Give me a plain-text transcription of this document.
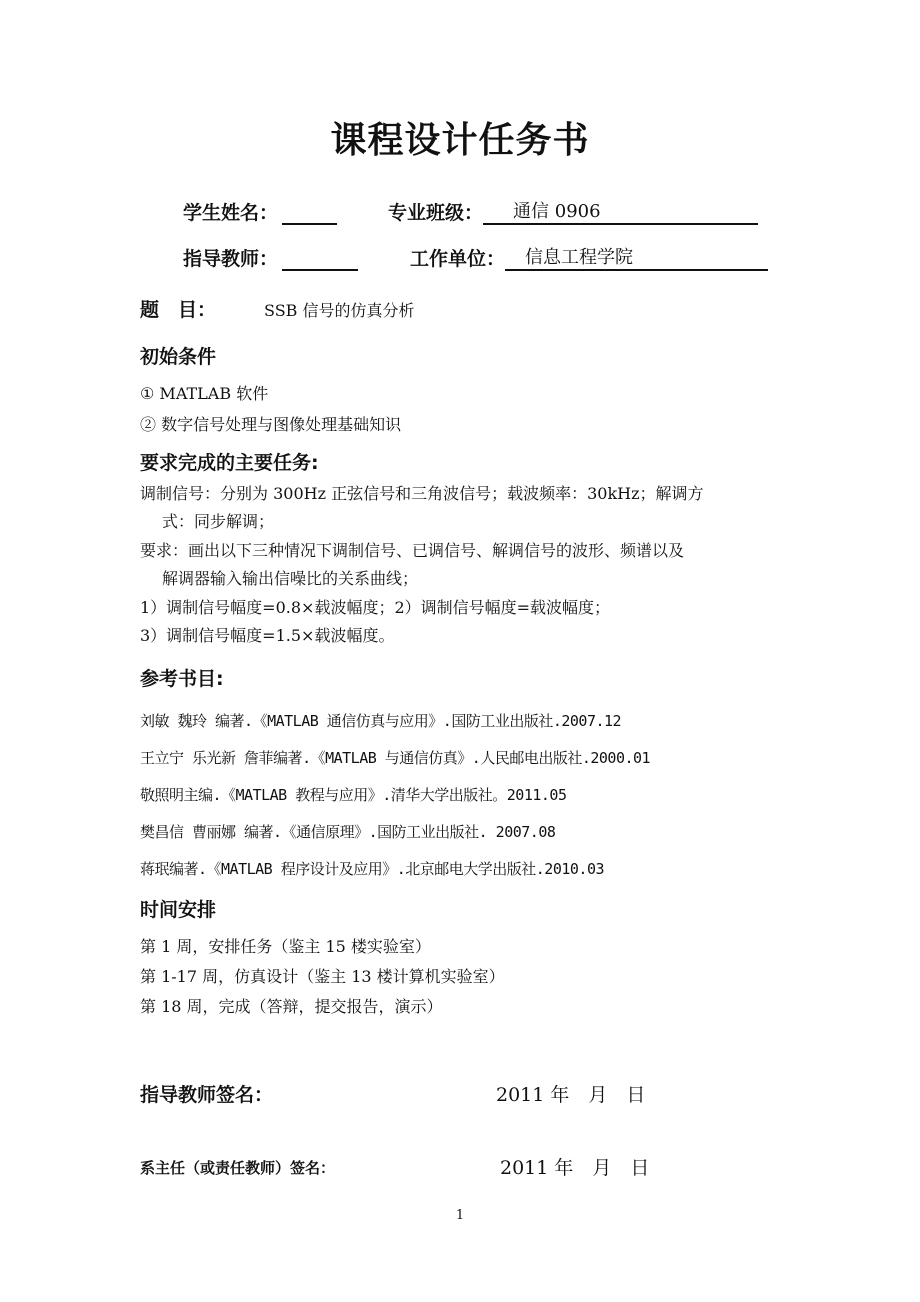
课程设计任务书
学生姓名：	专业班级： 通信 0906
指导教师：	工作单位： 信息工程学院
题　目：	SSB 信号的仿真分析
初始条件
① MATLAB 软件
② 数字信号处理与图像处理基础知识
要求完成的主要任务:
调制信号：分别为 300Hz 正弦信号和三角波信号；载波频率：30kHz；解调方
式：同步解调；
要求：画出以下三种情况下调制信号、已调信号、解调信号的波形、频谱以及
解调器输入输出信噪比的关系曲线；
1）调制信号幅度=0.8×载波幅度；2）调制信号幅度=载波幅度；
3）调制信号幅度=1.5×载波幅度。
参考书目:
刘敏 魏玲 编著.《MATLAB 通信仿真与应用》.国防工业出版社.2007.12
王立宁 乐光新 詹菲编著.《MATLAB 与通信仿真》.人民邮电出版社.2000.01
敬照明主编.《MATLAB 教程与应用》.清华大学出版社。2011.05
樊昌信 曹丽娜 编著.《通信原理》.国防工业出版社. 2007.08
蒋珉编著.《MATLAB 程序设计及应用》.北京邮电大学出版社.2010.03
时间安排
第 1 周，安排任务（鉴主 15 楼实验室）
第 1-17 周，仿真设计（鉴主 13 楼计算机实验室）
第 18 周，完成（答辩，提交报告，演示）
指导教师签名：	2011 年　月　日
系主任（或责任教师）签名：	2011 年　月　日
1
